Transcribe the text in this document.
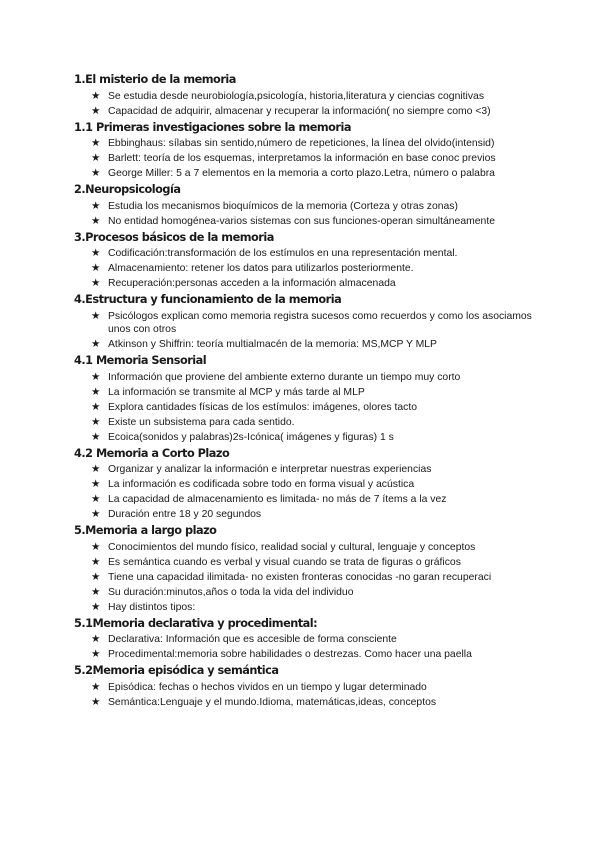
1.El misterio de la memoria
★ Se estudia desde neurobiología,psicología, historia,literatura y ciencias cognitivas
★ Capacidad de adquirir, almacenar y recuperar la información( no siempre como <3)
1.1 Primeras investigaciones sobre la memoria
★ Ebbinghaus: sílabas sin sentido,número de repeticiones, la línea del olvido(intensid)
★ Barlett: teoría de los esquemas, interpretamos la información en base conoc previos
★ George Miller: 5 a 7 elementos en la memoria a corto plazo.Letra, número o palabra
2.Neuropsicología
★ Estudia los mecanismos bioquímicos de la memoria (Corteza y otras zonas)
★ No entidad homogénea-varios sistemas con sus funciones-operan simultáneamente
3.Procesos básicos de la memoria
★ Codificación:transformación de los estímulos en una representación mental.
★ Almacenamiento: retener los datos para utilizarlos posteriormente.
★ Recuperación:personas acceden a la información almacenada
4.Estructura y funcionamiento de la memoria
★ Psicólogos explican como memoria registra sucesos como recuerdos y como los asociamos unos con otros
★ Atkinson y Shiffrin: teoría multialmacén de la memoria: MS,MCP Y MLP
4.1 Memoria Sensorial
★ Información que proviene del ambiente externo durante un tiempo muy corto
★ La información se transmite al MCP y más tarde al MLP
★ Explora cantidades físicas de los estímulos: imágenes, olores tacto
★ Existe un subsistema para cada sentido.
★ Ecoica(sonidos y palabras)2s-Icónica( imágenes y figuras) 1 s
4.2 Memoria a Corto Plazo
★ Organizar y analizar la información e interpretar nuestras experiencias
★ La información es codificada sobre todo en forma visual y acústica
★ La capacidad de almacenamiento es limitada- no más de 7 ítems a la vez
★ Duración entre 18 y 20 segundos
5.Memoria a largo plazo
★ Conocimientos del mundo físico, realidad social y cultural, lenguaje y conceptos
★ Es semántica cuando es verbal y visual cuando se trata de figuras o gráficos
★ Tiene una capacidad ilimitada- no existen fronteras conocidas -no garan recuperaci
★ Su duración:minutos,años o toda la vida del individuo
★ Hay distintos tipos:
5.1Memoria declarativa y procedimental:
★ Declarativa: Información que es accesible de forma consciente
★ Procedimental:memoria sobre habilidades o destrezas. Como hacer una paella
5.2Memoria episódica y semántica
★ Episódica: fechas o hechos vividos en un tiempo y lugar determinado
★ Semántica:Lenguaje y el mundo.Idioma, matemáticas,ideas, conceptos
